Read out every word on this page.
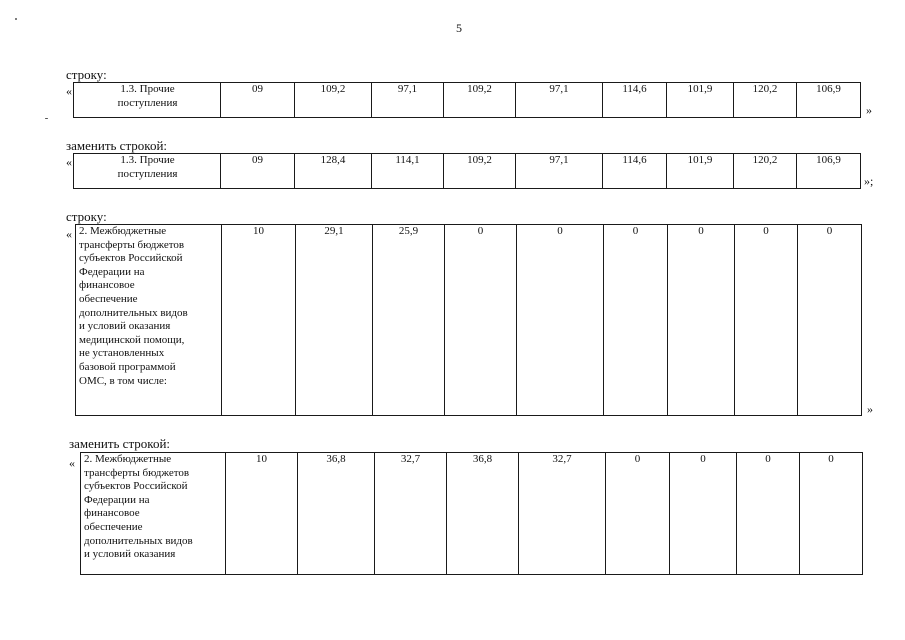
5
строку:
«	1.3. Прочие
поступления
	09	109,2	97,1	109,2	97,1	114,6	101,9	120,2	106,9
»
заменить строкой:
«	1.3. Прочие
поступления
	09	128,4	114,1	109,2	97,1	114,6	101,9	120,2	106,9
»;
строку:
« 2. Межбюджетные
трансферты бюджетов
субъектов Российской
Федерации на
финансовое
обеспечение
дополнительных видов
и условий оказания
медицинской помощи,
не установленных
базовой программой
ОМС, в том числе:
	10	29,1	25,9	0	0	0	0	0	0
»
заменить строкой:
« 2. Межбюджетные
трансферты бюджетов
субъектов Российской
Федерации на
финансовое
обеспечение
дополнительных видов
и условий оказания
	10	36,8	32,7	36,8	32,7	0	0	0	0
